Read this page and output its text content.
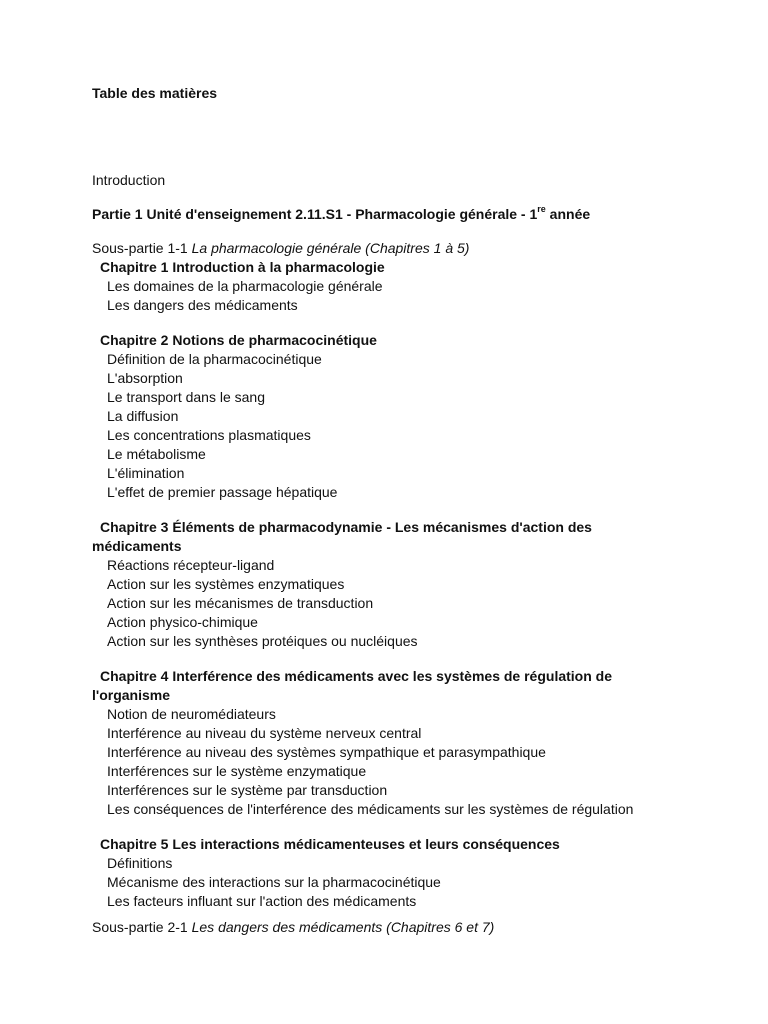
Table des matières
Introduction
Partie 1 Unité d'enseignement 2.11.S1 - Pharmacologie générale - 1re année
Sous-partie 1-1 La pharmacologie générale (Chapitres 1 à 5)
Chapitre 1 Introduction à la pharmacologie
Les domaines de la pharmacologie générale
Les dangers des médicaments
Chapitre 2 Notions de pharmacocinétique
Définition de la pharmacocinétique
L'absorption
Le transport dans le sang
La diffusion
Les concentrations plasmatiques
Le métabolisme
L'élimination
L'effet de premier passage hépatique
Chapitre 3 Éléments de pharmacodynamie - Les mécanismes d'action des médicaments
Réactions récepteur-ligand
Action sur les systèmes enzymatiques
Action sur les mécanismes de transduction
Action physico-chimique
Action sur les synthèses protéiques ou nucléiques
Chapitre 4 Interférence des médicaments avec les systèmes de régulation de l'organisme
Notion de neuromédiateurs
Interférence au niveau du système nerveux central
Interférence au niveau des systèmes sympathique et parasympathique
Interférences sur le système enzymatique
Interférences sur le système par transduction
Les conséquences de l'interférence des médicaments sur les systèmes de régulation
Chapitre 5 Les interactions médicamenteuses et leurs conséquences
Définitions
Mécanisme des interactions sur la pharmacocinétique
Les facteurs influant sur l'action des médicaments
Sous-partie 2-1 Les dangers des médicaments (Chapitres 6 et 7)
